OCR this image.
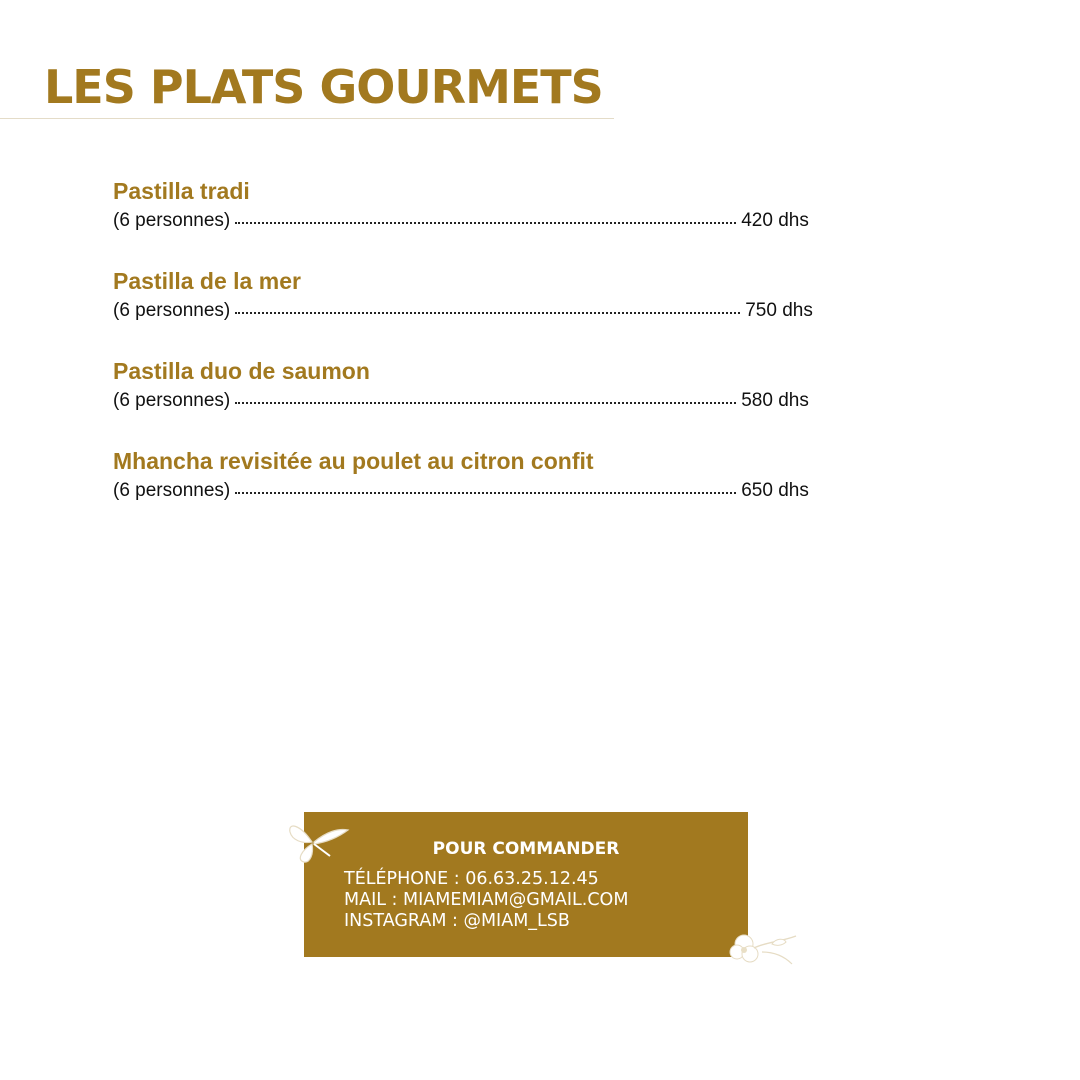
LES PLATS GOURMETS
Pastilla tradi
(6 personnes)	420 dhs
Pastilla de la mer
(6 personnes)	750 dhs
Pastilla duo de saumon
(6 personnes)	580 dhs
Mhancha revisitée au poulet au citron confit
(6 personnes)	650 dhs
POUR COMMANDER
TÉLÉPHONE : 06.63.25.12.45
MAIL : MIAMEMIAM@GMAIL.COM
INSTAGRAM : @MIAM_LSB
